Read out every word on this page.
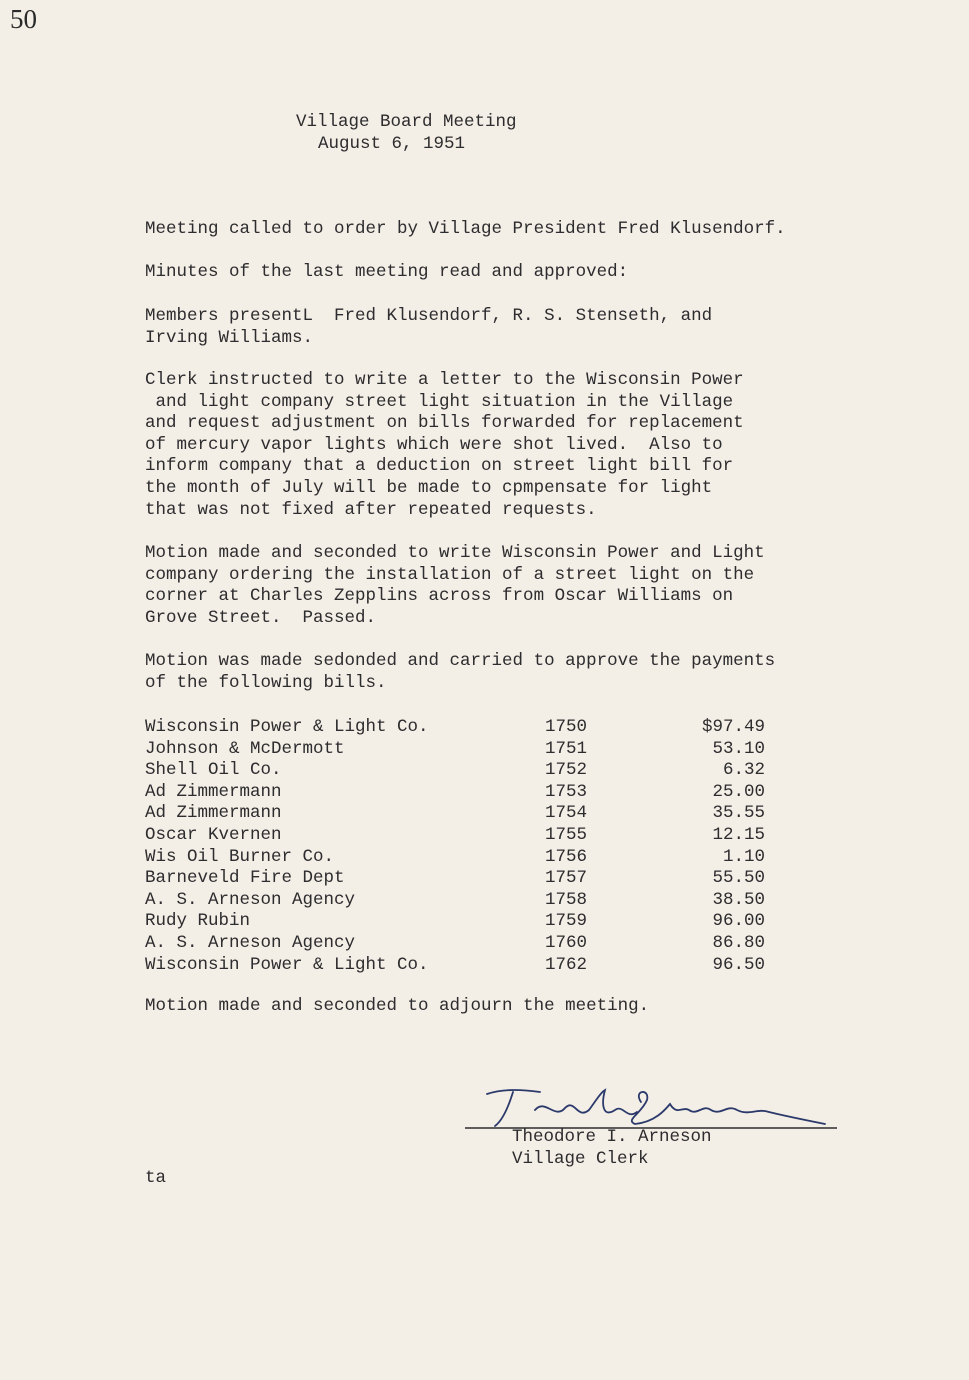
50
Village Board Meeting
August 6, 1951
Meeting called to order by Village President Fred Klusendorf.
Minutes of the last meeting read and approved:
Members presentL  Fred Klusendorf, R. S. Stenseth, and
Irving Williams.
Clerk instructed to write a letter to the Wisconsin Power
and light company street light situation in the Village
and request adjustment on bills forwarded for replacement
of mercury vapor lights which were shot lived.  Also to
inform company that a deduction on street light bill for
the month of July will be made to cpmpensate for light
that was not fixed after repeated requests.
Motion made and seconded to write Wisconsin Power and Light
company ordering the installation of a street light on the
corner at Charles Zepplins across from Oscar Williams on
Grove Street.  Passed.
Motion was made sedonded and carried to approve the payments
of the following bills.
Wisconsin Power & Light Co.	1750	$97.49
Johnson & McDermott	1751	53.10
Shell Oil Co.	1752	6.32
Ad Zimmermann	1753	25.00
Ad Zimmermann	1754	35.55
Oscar Kvernen	1755	12.15
Wis Oil Burner Co.	1756	1.10
Barneveld Fire Dept	1757	55.50
A. S. Arneson Agency	1758	38.50
Rudy Rubin	1759	96.00
A. S. Arneson Agency	1760	86.80
Wisconsin Power & Light Co.	1762	96.50
Motion made and seconded to adjourn the meeting.
Theodore I. Arneson
Village Clerk
ta
